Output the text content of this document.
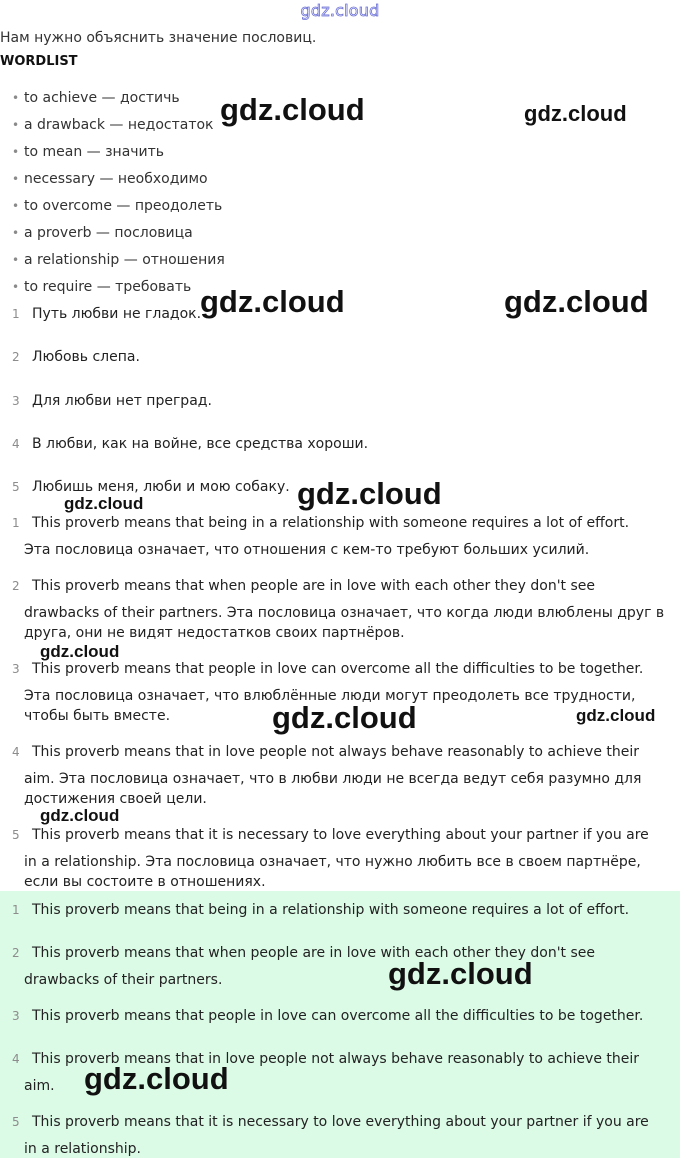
gdz.cloud
Нам нужно объяснить значение пословиц.
WORDLIST
• to achieve — достичь
• a drawback — недостаток
• to mean — значить
• necessary — необходимо
• to overcome — преодолеть
• a proverb — пословица
• a relationship — отношения
• to require — требовать
1 Путь любви не гладок.
2 Любовь слепа.
3 Для любви нет преград.
4 В любви, как на войне, все средства хороши.
5 Любишь меня, люби и мою собаку.
1 This proverb means that being in a relationship with someone requires a lot of effort.
Эта пословица означает, что отношения с кем-то требуют больших усилий.
2 This proverb means that when people are in love with each other they don't see
drawbacks of their partners. Эта пословица означает, что когда люди влюблены друг в
друга, они не видят недостатков своих партнёров.
3 This proverb means that people in love can overcome all the difficulties to be together.
Эта пословица означает, что влюблённые люди могут преодолеть все трудности,
чтобы быть вместе.
4 This proverb means that in love people not always behave reasonably to achieve their
aim. Эта пословица означает, что в любви люди не всегда ведут себя разумно для
достижения своей цели.
5 This proverb means that it is necessary to love everything about your partner if you are
in a relationship. Эта пословица означает, что нужно любить все в своем партнёре,
если вы состоите в отношениях.
1 This proverb means that being in a relationship with someone requires a lot of effort.
2 This proverb means that when people are in love with each other they don't see
drawbacks of their partners.
3 This proverb means that people in love can overcome all the difficulties to be together.
4 This proverb means that in love people not always behave reasonably to achieve their
aim.
5 This proverb means that it is necessary to love everything about your partner if you are
in a relationship.
gdz.cloud	gdz.cloud
gdz.cloud	gdz.cloud
gdz.cloud
gdz.cloud
gdz.cloud
gdz.cloud	gdz.cloud
gdz.cloud
gdz.cloud
gdz.cloud
